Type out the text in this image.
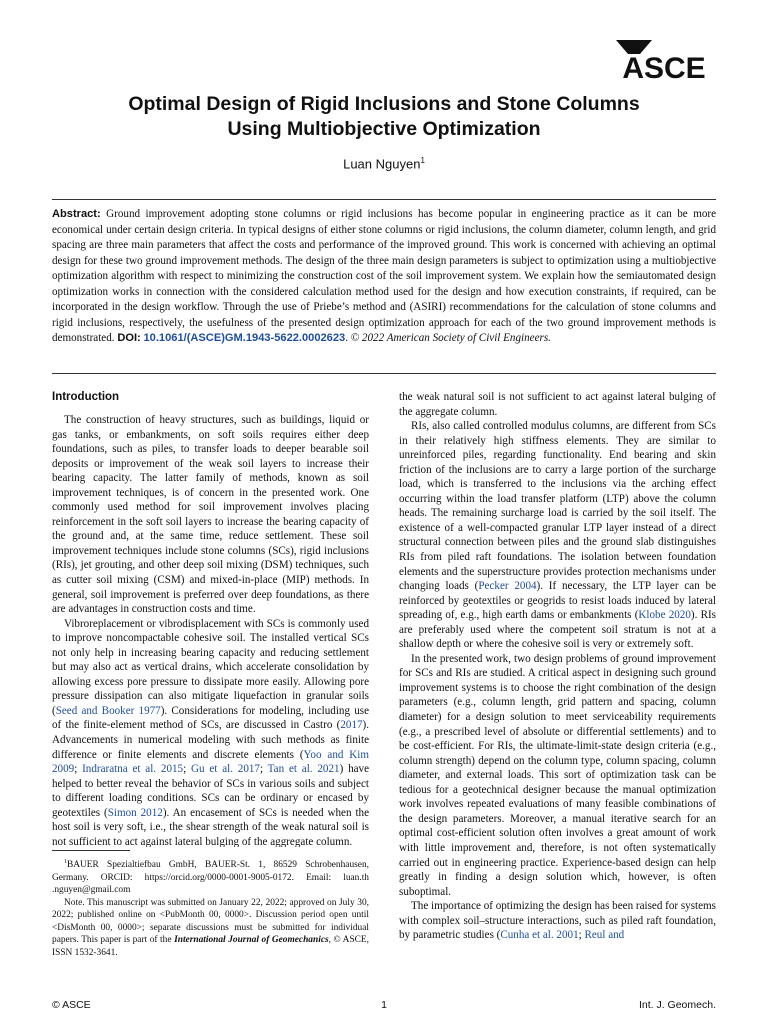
ASCE
Optimal Design of Rigid Inclusions and Stone Columns
Using Multiobjective Optimization
Luan Nguyen$^1$
Abstract: Ground improvement adopting stone columns or rigid inclusions has become popular in engineering practice as it can be more economical under certain design criteria. In typical designs of either stone columns or rigid inclusions, the column diameter, column length, and grid spacing are three main parameters that affect the costs and performance of the improved ground. This work is concerned with achieving an optimal design for these two ground improvement methods. The design of the three main design parameters is subject to optimization using a multiobjective optimization algorithm with respect to minimizing the construction cost of the soil improvement system. We explain how the semiautomated design optimization works in connection with the considered calculation method used for the design and how execution constraints, if required, can be incorporated in the design workflow. Through the use of Priebe’s method and (ASIRI) recommendations for the calculation of stone columns and rigid inclusions, respectively, the usefulness of the presented design optimization approach for each of the two ground improvement methods is demonstrated. DOI: 10.1061/(ASCE)GM.1943-5622.0002623. © 2022 American Society of Civil Engineers.
Introduction

The construction of heavy structures, such as buildings, liquid or gas tanks, or embankments, on soft soils requires either deep foundations, such as piles, to transfer loads to deeper bearable soil deposits or improvement of the weak soil layers to increase their bearing capacity. The latter family of methods, known as soil improvement techniques, is of concern in the presented work. One commonly used method for soil improvement involves placing reinforcement in the soft soil layers to increase the bearing capacity of the ground and, at the same time, reduce settlement. These soil improvement techniques include stone columns (SCs), rigid inclusions (RIs), jet grouting, and other deep soil mixing (DSM) techniques, such as cutter soil mixing (CSM) and mixed-in-place (MIP) methods. In general, soil improvement is preferred over deep foundations, as there are advantages in construction costs and time.

Vibroreplacement or vibrodisplacement with SCs is commonly used to improve noncompactable cohesive soil. The installed vertical SCs not only help in increasing bearing capacity and reducing settlement but may also act as vertical drains, which accelerate consolidation by allowing excess pore pressure to dissipate more easily. Allowing pore pressure dissipation can also mitigate liquefaction in granular soils (Seed and Booker 1977). Considerations for modeling, including use of the finite-element method of SCs, are discussed in Castro (2017). Advancements in numerical modeling with such methods as finite difference or finite elements and discrete elements (Yoo and Kim 2009; Indraratna et al. 2015; Gu et al. 2017; Tan et al. 2021) have helped to better reveal the behavior of SCs in various soils and subject to different loading conditions. SCs can be ordinary or encased by geotextiles (Simon 2012). An encasement of SCs is needed when the host soil is very soft, i.e., the shear strength of the weak natural soil is not sufficient to act against lateral bulging of the aggregate column.

the weak natural soil is not sufficient to act against lateral bulging of the aggregate column.

RIs, also called controlled modulus columns, are different from SCs in their relatively high stiffness elements. They are similar to unreinforced piles, regarding functionality. End bearing and skin friction of the inclusions are to carry a large portion of the surcharge load, which is transferred to the inclusions via the arching effect occurring within the load transfer platform (LTP) above the column heads. The remaining surcharge load is carried by the soil itself. The existence of a well-compacted granular LTP layer instead of a direct structural connection between piles and the ground slab distinguishes RIs from piled raft foundations. The isolation between foundation elements and the superstructure provides protection mechanisms under changing loads (Pecker 2004). If necessary, the LTP layer can be reinforced by geotextiles or geogrids to resist loads induced by lateral spreading of, e.g., high earth dams or embankments (Klobe 2020). RIs are preferably used where the competent soil stratum is not at a shallow depth or where the cohesive soil is very or extremely soft.

In the presented work, two design problems of ground improvement for SCs and RIs are studied. A critical aspect in designing such ground improvement systems is to choose the right combination of the design parameters (e.g., column length, grid pattern and spacing, column diameter) for a design solution to meet serviceability requirements (e.g., a prescribed level of absolute or differential settlements) and to be cost-efficient. For RIs, the ultimate-limit-state design criteria (e.g., column strength) depend on the column type, column spacing, column diameter, and external loads. This sort of optimization task can be tedious for a geotechnical designer because the manual optimization work involves repeated evaluations of many feasible combinations of the design parameters. Moreover, a manual iterative search for an optimal cost-efficient solution often involves a great amount of work with little improvement and, therefore, is not often systematically carried out in engineering practice. Experience-based design can help greatly in finding a design solution which, however, is often suboptimal.

The importance of optimizing the design has been raised for systems with complex soil–structure interactions, such as piled raft foundation, by parametric studies (Cunha et al. 2001; Reul and

$^1$BAUER Spezialtiefbau GmbH, BAUER-St. 1, 86529 Schrobenhausen, Germany. ORCID: https://orcid.org/0000-0001-9005-0172. Email: luan.th .nguyen@gmail.com

Note. This manuscript was submitted on January 22, 2022; approved on July 30, 2022; published online on <PubMonth 00, 0000>. Discussion period open until <DisMonth 00, 0000>; separate discussions must be submitted for individual papers. This paper is part of the International Journal of Geomechanics, © ASCE, ISSN 1532-3641.

© ASCE	1	Int. J. Geomech.
